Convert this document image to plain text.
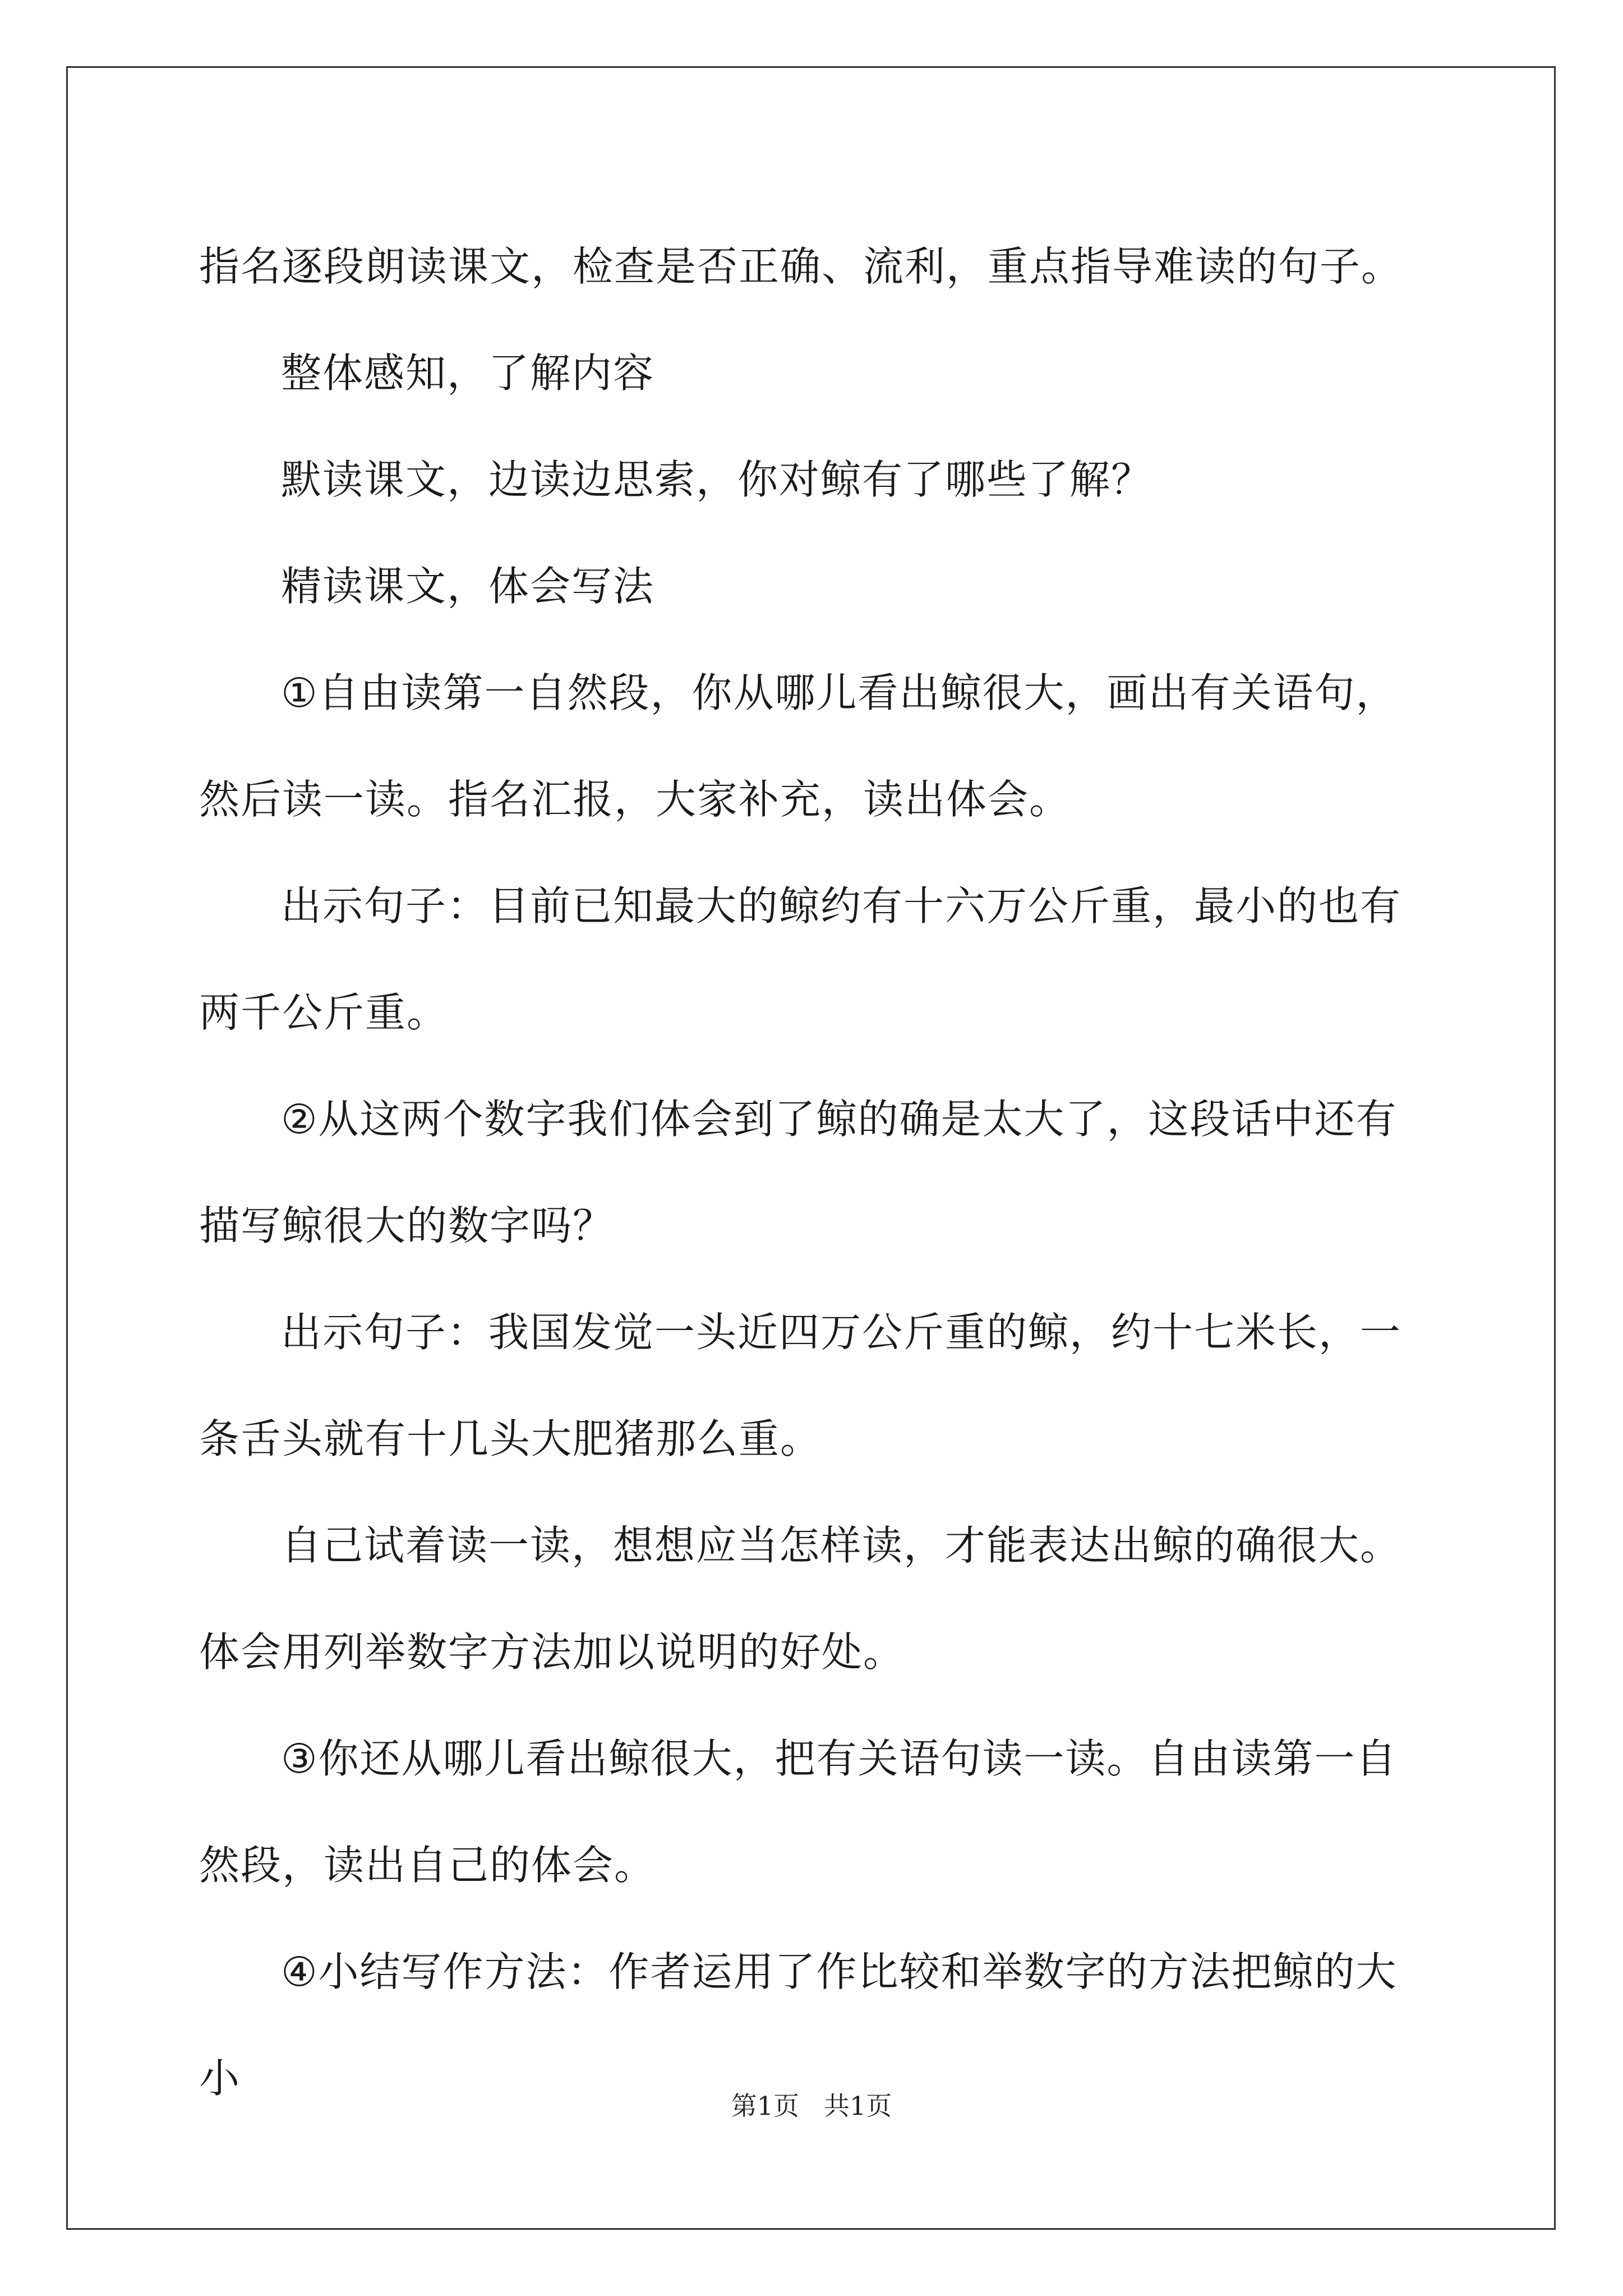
指名逐段朗读课文，检查是否正确、流利，重点指导难读的句子。

整体感知，了解内容

默读课文，边读边思索，你对鲸有了哪些了解？

精读课文，体会写法

①自由读第一自然段，你从哪儿看出鲸很大，画出有关语句，然后读一读。指名汇报，大家补充，读出体会。

出示句子：目前已知最大的鲸约有十六万公斤重，最小的也有两千公斤重。

②从这两个数字我们体会到了鲸的确是太大了，这段话中还有描写鲸很大的数字吗？

出示句子：我国发觉一头近四万公斤重的鲸，约十七米长，一条舌头就有十几头大肥猪那么重。

自己试着读一读，想想应当怎样读，才能表达出鲸的确很大。体会用列举数字方法加以说明的好处。

③你还从哪儿看出鲸很大，把有关语句读一读。自由读第一自然段，读出自己的体会。

④小结写作方法：作者运用了作比较和举数字的方法把鲸的大小

第1页 共1页
